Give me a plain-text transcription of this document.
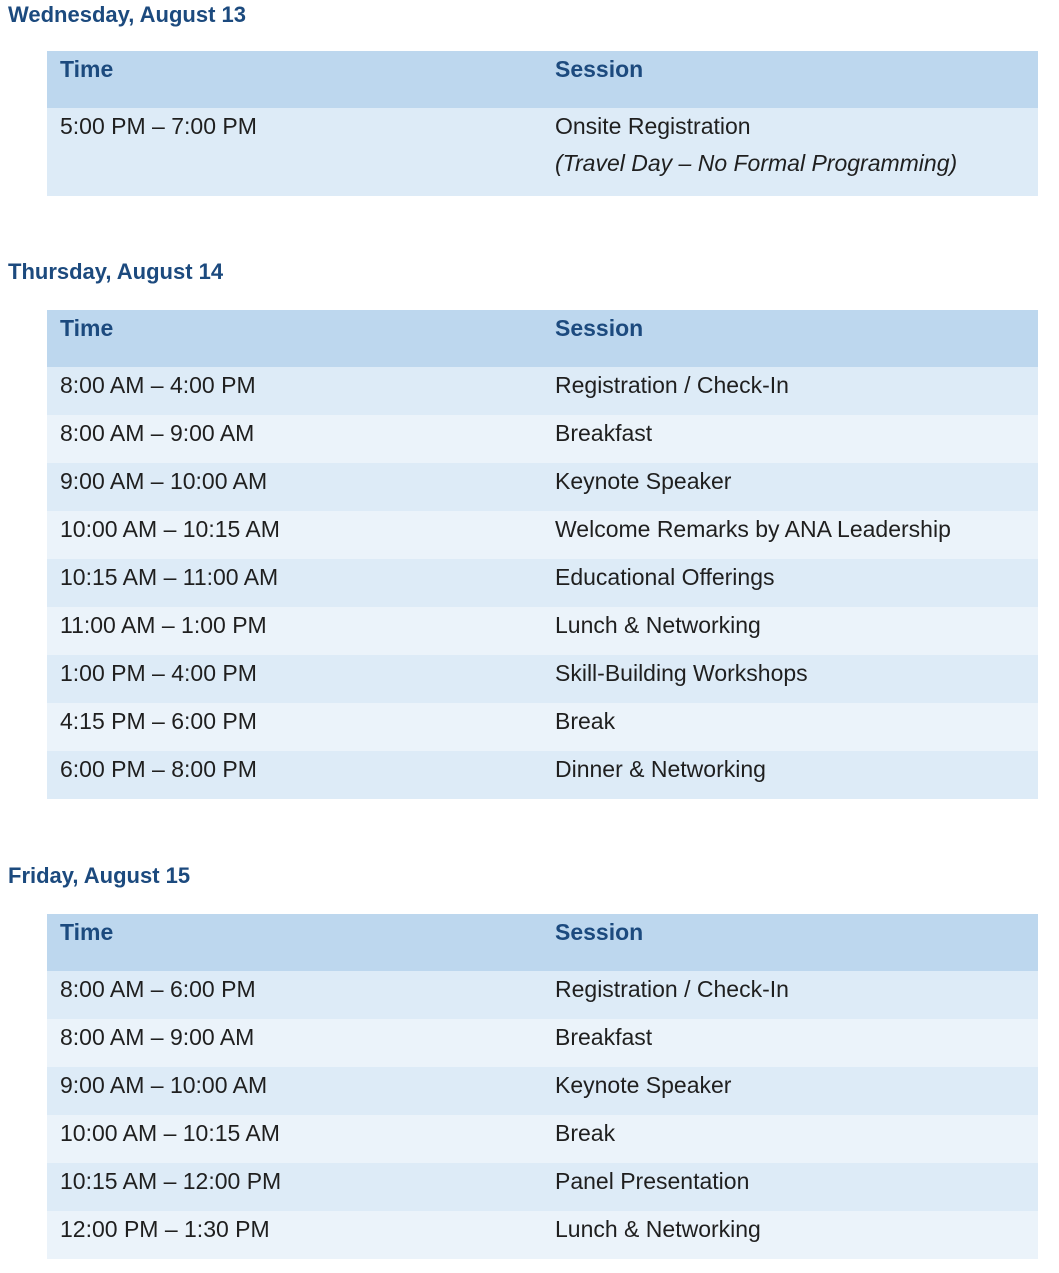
Wednesday, August 13
Time	Session
5:00 PM – 7:00 PM	Onsite Registration
(Travel Day – No Formal Programming)
Thursday, August 14
Time	Session
8:00 AM – 4:00 PM	Registration / Check-In
8:00 AM – 9:00 AM	Breakfast
9:00 AM – 10:00 AM	Keynote Speaker
10:00 AM – 10:15 AM	Welcome Remarks by ANA Leadership
10:15 AM – 11:00 AM	Educational Offerings
11:00 AM – 1:00 PM	Lunch & Networking
1:00 PM – 4:00 PM	Skill-Building Workshops
4:15 PM – 6:00 PM	Break
6:00 PM – 8:00 PM	Dinner & Networking
Friday, August 15
Time	Session
8:00 AM – 6:00 PM	Registration / Check-In
8:00 AM – 9:00 AM	Breakfast
9:00 AM – 10:00 AM	Keynote Speaker
10:00 AM – 10:15 AM	Break
10:15 AM – 12:00 PM	Panel Presentation
12:00 PM – 1:30 PM	Lunch & Networking
